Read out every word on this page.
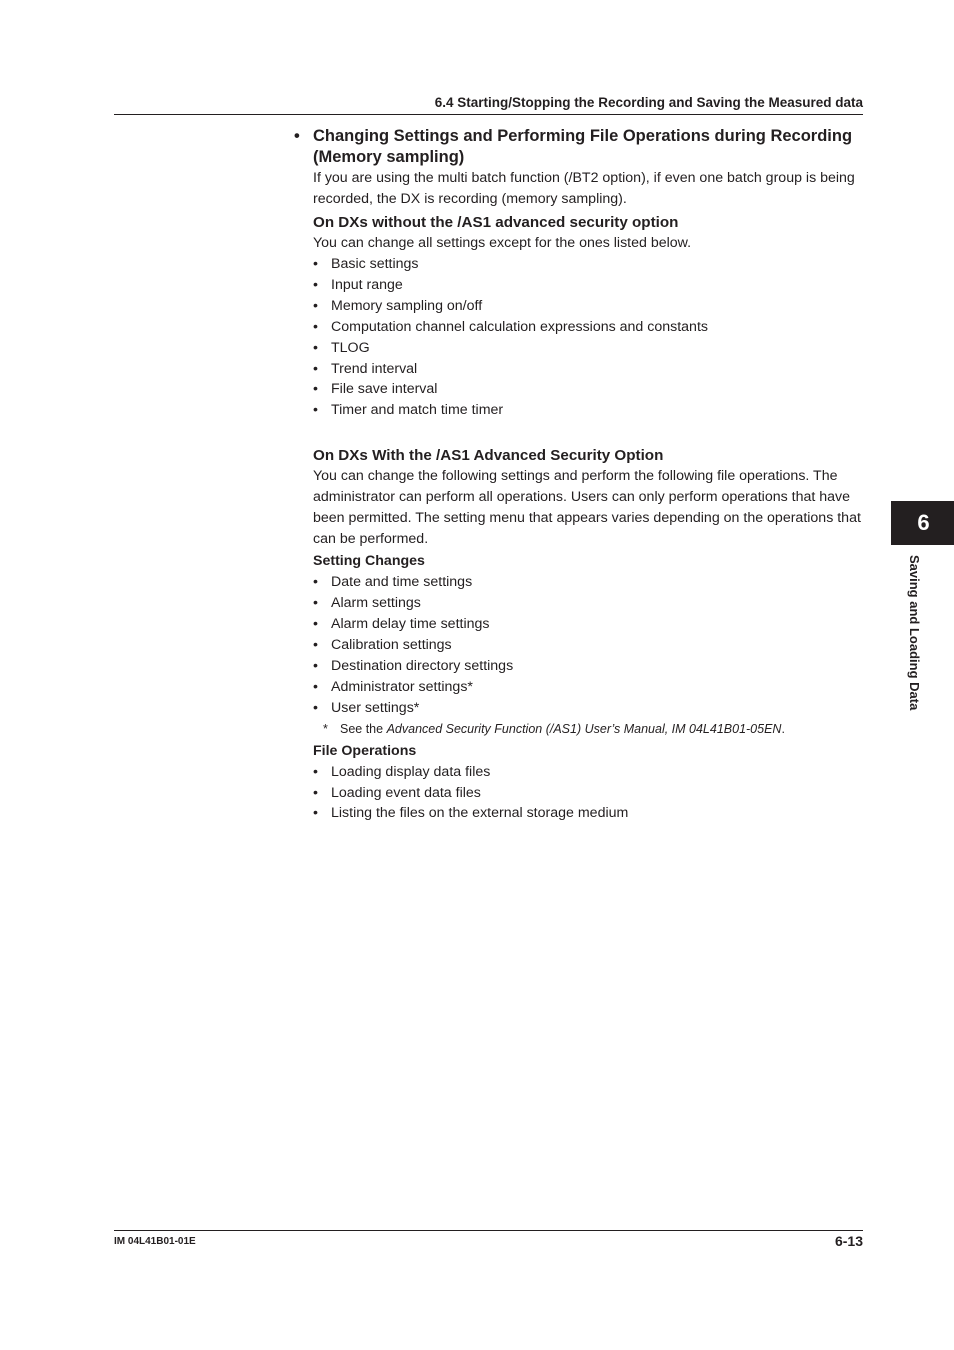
6.4 Starting/Stopping the Recording and Saving the Measured data
6
Saving and Loading Data
• Changing Settings and Performing File Operations during Recording
(Memory sampling)
If you are using the multi batch function (/BT2 option), if even one batch group is being recorded, the DX is recording (memory sampling).
On DXs without the /AS1 advanced security option
You can change all settings except for the ones listed below.
• Basic settings
• Input range
• Memory sampling on/off
• Computation channel calculation expressions and constants
• TLOG
• Trend interval
• File save interval
• Timer and match time timer
On DXs With the /AS1 Advanced Security Option
You can change the following settings and perform the following file operations. The administrator can perform all operations. Users can only perform operations that have been permitted. The setting menu that appears varies depending on the operations that can be performed.
Setting Changes
• Date and time settings
• Alarm settings
• Alarm delay time settings
• Calibration settings
• Destination directory settings
• Administrator settings*
• User settings*
* See the Advanced Security Function (/AS1) User’s Manual, IM 04L41B01-05EN.
File Operations
• Loading display data files
• Loading event data files
• Listing the files on the external storage medium
IM 04L41B01-01E	6-13
